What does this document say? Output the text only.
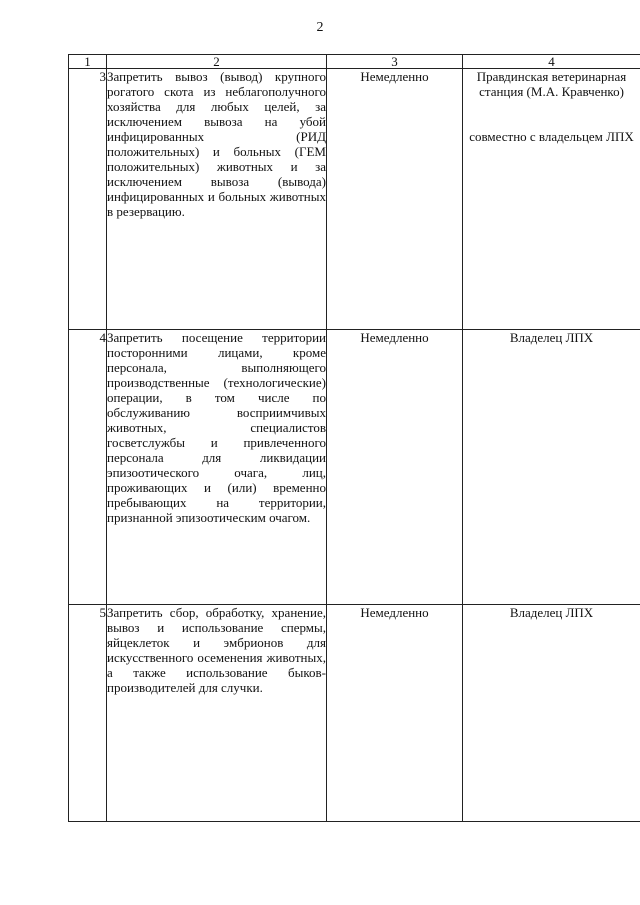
2
1	2	3	4
3	Запретить вывоз (вывод) крупного рогатого скота из неблагополучного хозяйства для любых целей, за исключением вывоза на убой инфицированных (РИД положительных) и больных (ГЕМ положительных) животных и за исключением вывоза (вывода) инфицированных и больных животных в резервацию.	Немедленно	Правдинская ветеринарная станция (М.А. Кравченко)
совместно с владельцем ЛПХ

4	Запретить посещение территории посторонними лицами, кроме персонала, выполняющего производственные (технологические) операции, в том числе по обслуживанию восприимчивых животных, специалистов госветслужбы и привлеченного персонала для ликвидации эпизоотического очага, лиц, проживающих и (или) временно пребывающих на территории, признанной эпизоотическим очагом.	Немедленно	Владелец ЛПХ

5	Запретить сбор, обработку, хранение, вывоз и использование спермы, яйцеклеток и эмбрионов для искусственного осеменения животных, а также использование быков-производителей для случки.	Немедленно	Владелец ЛПХ
